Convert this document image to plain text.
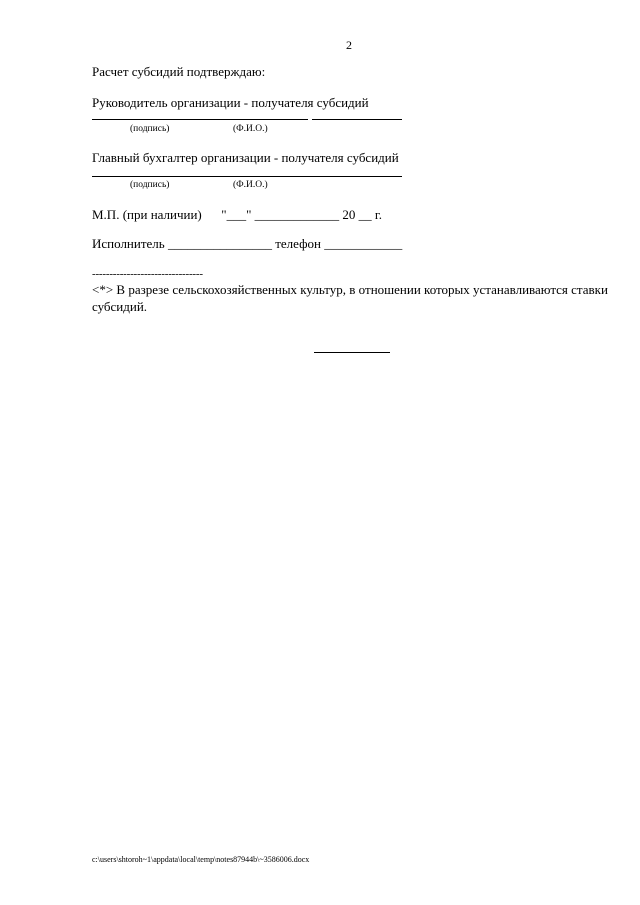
2
Расчет субсидий подтверждаю:
Руководитель организации - получателя субсидий
(подпись)	(Ф.И.О.)
Главный бухгалтер организации - получателя субсидий
(подпись)	(Ф.И.О.)
М.П. (при наличии)      "___" _____________ 20 __ г.
Исполнитель ________________ телефон ____________
--------------------------------
<*> В разрезе сельскохозяйственных культур, в отношении которых устанавливаются ставки субсидий.
c:\users\shtoroh~1\appdata\local\temp\notes87944b\~3586006.docx
